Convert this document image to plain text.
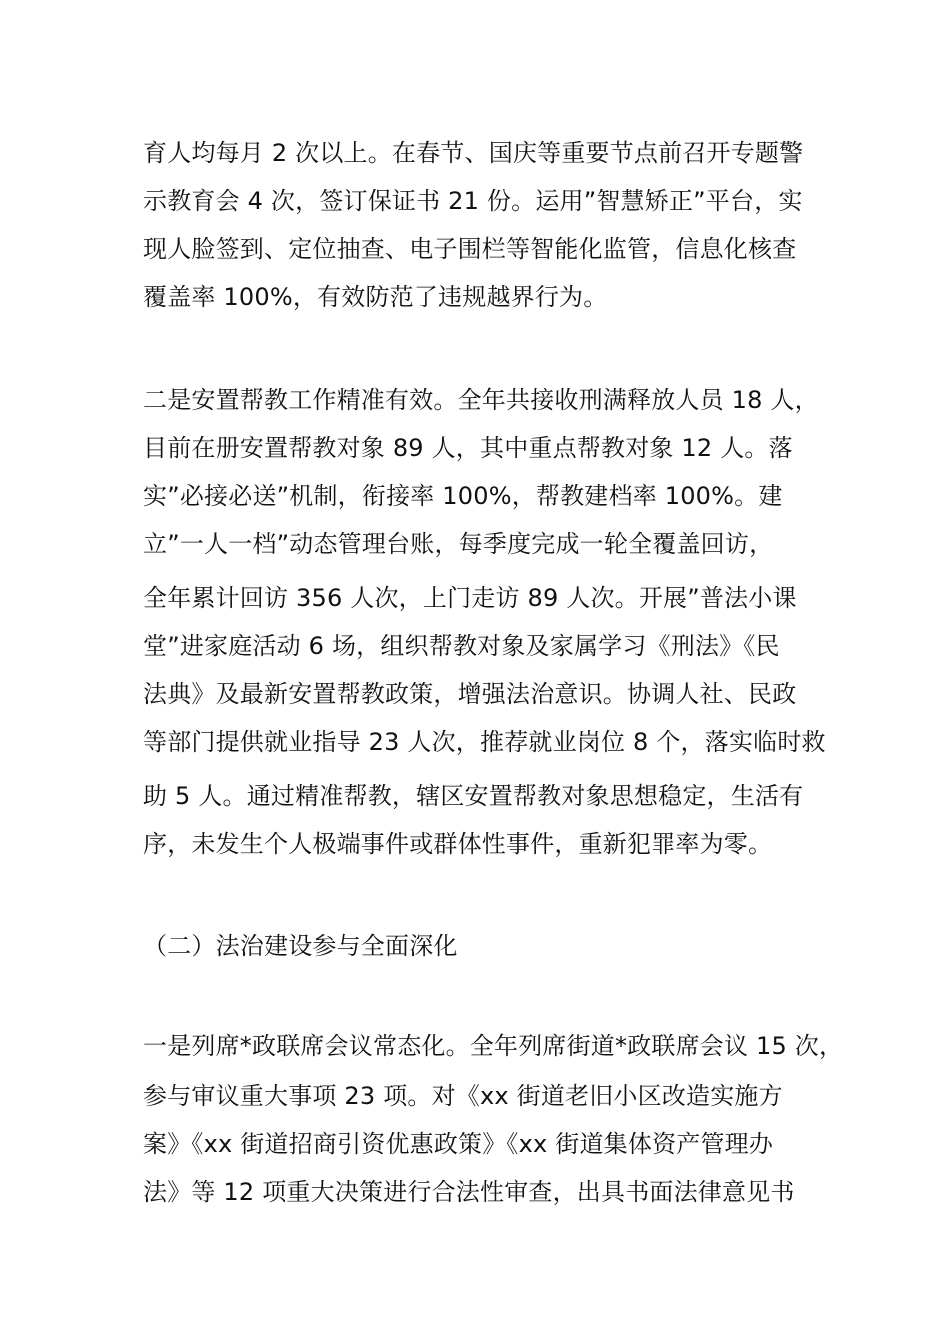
育人均每月 2 次以上。在春节、国庆等重要节点前召开专题警

示教育会 4 次，签订保证书 21 份。运用”智慧矫正”平台，实

现人脸签到、定位抽查、电子围栏等智能化监管，信息化核查

覆盖率 100%，有效防范了违规越界行为。

二是安置帮教工作精准有效。全年共接收刑满释放人员 18 人，

目前在册安置帮教对象 89 人，其中重点帮教对象 12 人。落

实”必接必送”机制，衔接率 100%，帮教建档率 100%。建

立”一人一档”动态管理台账，每季度完成一轮全覆盖回访，

全年累计回访 356 人次，上门走访 89 人次。开展”普法小课

堂”进家庭活动 6 场，组织帮教对象及家属学习《刑法》《民

法典》及最新安置帮教政策，增强法治意识。协调人社、民政

等部门提供就业指导 23 人次，推荐就业岗位 8 个，落实临时救

助 5 人。通过精准帮教，辖区安置帮教对象思想稳定，生活有

序，未发生个人极端事件或群体性事件，重新犯罪率为零。

（二）法治建设参与全面深化

一是列席*政联席会议常态化。全年列席街道*政联席会议 15 次，

参与审议重大事项 23 项。对《xx 街道老旧小区改造实施方

案》《xx 街道招商引资优惠政策》《xx 街道集体资产管理办

法》等 12 项重大决策进行合法性审查，出具书面法律意见书
